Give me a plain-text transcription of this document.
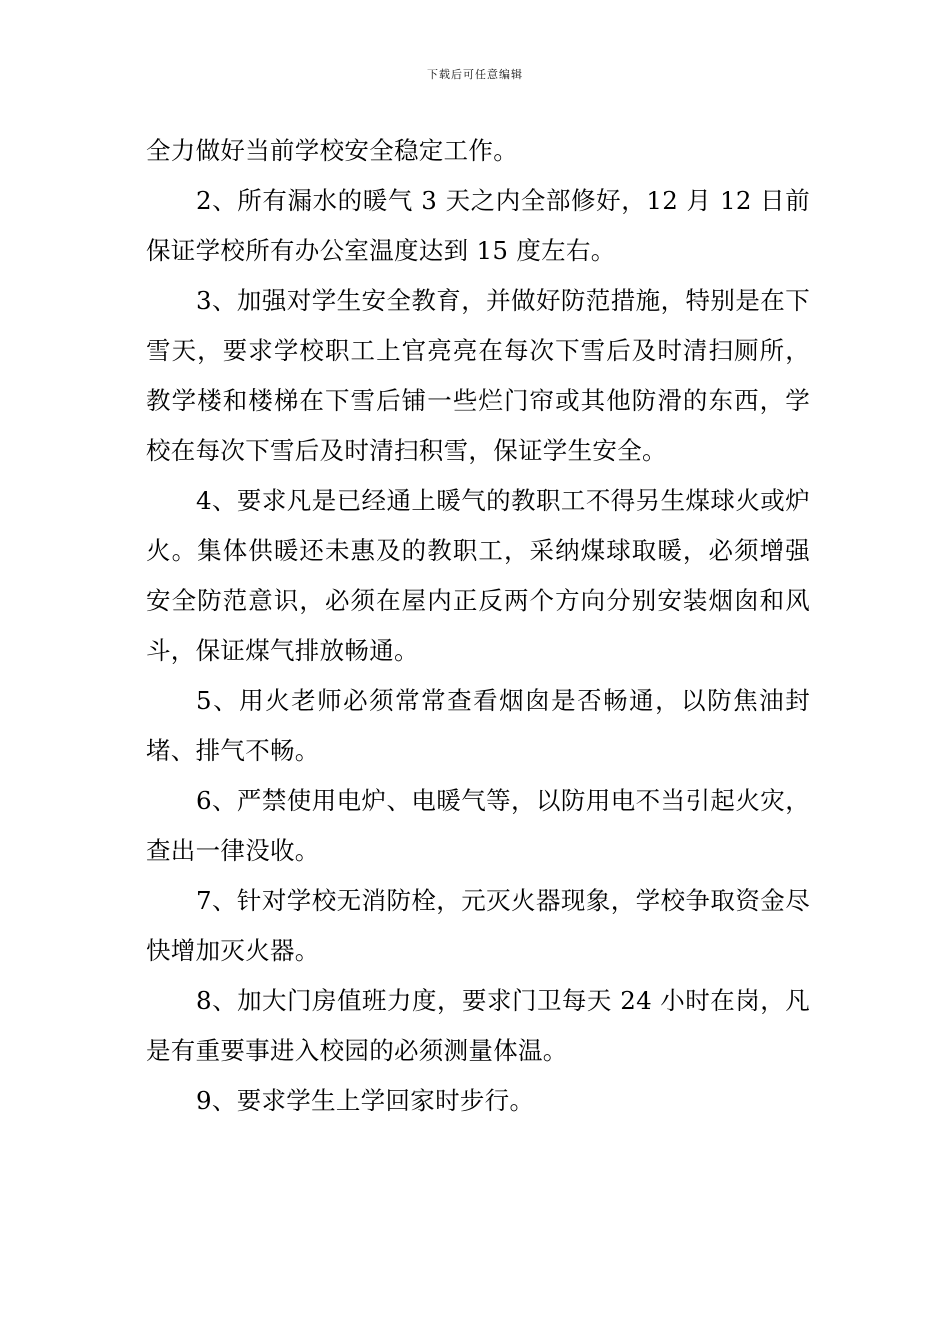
下载后可任意编辑

全力做好当前学校安全稳定工作。

2、所有漏水的暖气 3 天之内全部修好，12 月 12 日前保证学校所有办公室温度达到 15 度左右。

3、加强对学生安全教育，并做好防范措施，特别是在下雪天，要求学校职工上官亮亮在每次下雪后及时清扫厕所，教学楼和楼梯在下雪后铺一些烂门帘或其他防滑的东西，学校在每次下雪后及时清扫积雪，保证学生安全。

4、要求凡是已经通上暖气的教职工不得另生煤球火或炉火。集体供暖还未惠及的教职工，采纳煤球取暖，必须增强安全防范意识，必须在屋内正反两个方向分别安装烟囱和风斗，保证煤气排放畅通。

5、用火老师必须常常查看烟囱是否畅通，以防焦油封堵、排气不畅。

6、严禁使用电炉、电暖气等，以防用电不当引起火灾，查出一律没收。

7、针对学校无消防栓，元灭火器现象，学校争取资金尽快增加灭火器。

8、加大门房值班力度，要求门卫每天 24 小时在岗，凡是有重要事进入校园的必须测量体温。

9、要求学生上学回家时步行。
